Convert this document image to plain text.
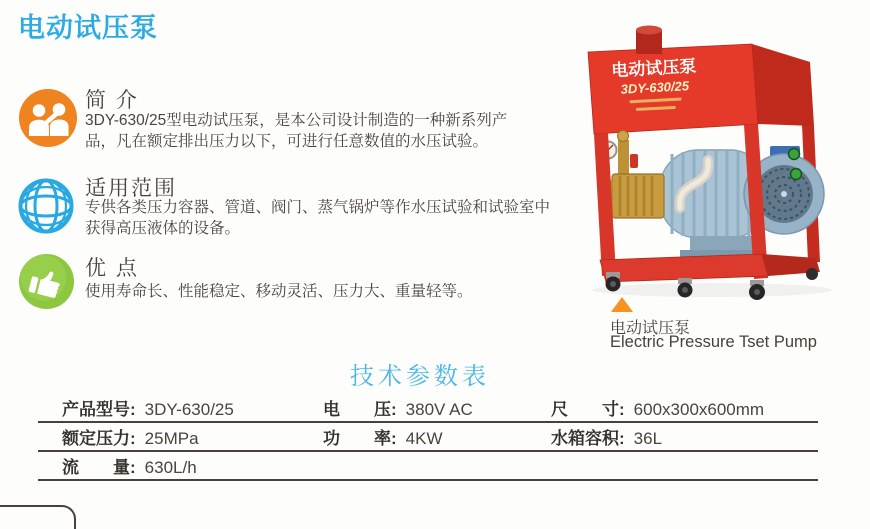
电动试压泵
简 介
3DY-630/25型电动试压泵，是本公司设计制造的一种新系列产
品，凡在额定排出压力以下，可进行任意数值的水压试验。
适用范围
专供各类压力容器、管道、阀门、蒸气锅炉等作水压试验和试验室中
获得高压液体的设备。
优 点
使用寿命长、性能稳定、移动灵活、压力大、重量轻等。
电动试压泵
3DY-630/25
电动试压泵
Electric Pressure Tset Pump
技术参数表
产品型号: 3DY-630/25	电　　压: 380V AC	尺　　寸: 600x300x600mm
额定压力: 25MPa	功　　率: 4KW	水箱容积: 36L
流　　量: 630L/h
